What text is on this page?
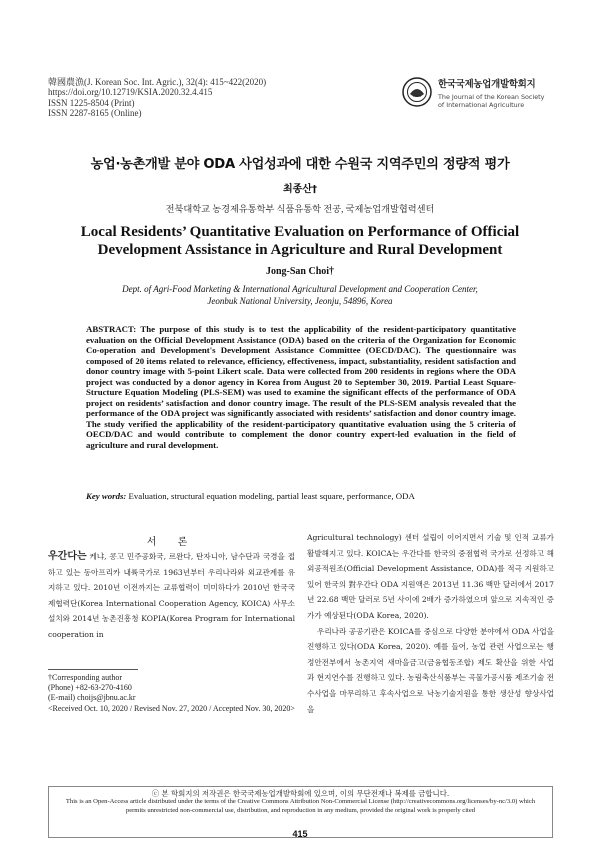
韓國農漁(J. Korean Soc. Int. Agric.), 32(4): 415~422(2020)
https://doi.org/10.12719/KSIA.2020.32.4.415
ISSN 1225-8504 (Print)
ISSN 2287-8165 (Online)
한국국제농업개발학회지
The Journal of the Korean Society
of International Agriculture
농업·농촌개발 분야 ODA 사업성과에 대한 수원국 지역주민의 정량적 평가
최종산†
전북대학교 농경제유통학부 식품유통학 전공, 국제농업개발협력센터
Local Residents’ Quantitative Evaluation on Performance of Official
Development Assistance in Agriculture and Rural Development
Jong-San Choi†
Dept. of Agri-Food Marketing & International Agricultural Development and Cooperation Center,
Jeonbuk National University, Jeonju, 54896, Korea
ABSTRACT: The purpose of this study is to test the applicability of the resident-participatory quantitative evaluation on the Official Development Assistance (ODA) based on the criteria of the Organization for Economic Co-operation and Development's Development Assistance Committee (OECD/DAC). The questionnaire was composed of 20 items related to relevance, efficiency, effectiveness, impact, substantiality, resident satisfaction and donor country image with 5-point Likert scale. Data were collected from 200 residents in regions where the ODA project was conducted by a donor agency in Korea from August 20 to September 30, 2019. Partial Least Square-Structure Equation Modeling (PLS-SEM) was used to examine the significant effects of the performance of ODA project on residents’ satisfaction and donor country image. The result of the PLS-SEM analysis revealed that the performance of the ODA project was significantly associated with residents’ satisfaction and donor country image. The study verified the applicability of the resident-participatory quantitative evaluation using the 5 criteria of OECD/DAC and would contribute to complement the donor country expert-led evaluation in the field of agriculture and rural development.
Key words: Evaluation, structural equation modeling, partial least square, performance, ODA
서 론

우간다는 케냐, 콩고 민주공화국, 르완다, 탄자니아, 남수단과 국경을 접하고 있는 동아프리카 내륙국가로 1963년부터 우리나라와 외교관계를 유지하고 있다. 2010년 이전까지는 교류협력이 미미하다가 2010년 한국국제협력단(Korea International Cooperation Agency, KOICA) 사무소 설치와 2014년 농촌진흥청 KOPIA(Korea Program for International cooperation in

†Corresponding author
(Phone) +82-63-270-4160
(E-mail) choijs@jbnu.ac.kr
<Received Oct. 10, 2020 / Revised Nov. 27, 2020 / Accepted Nov. 30, 2020>

Agricultural technology) 센터 설립이 이어지면서 기술 및 인적 교류가 활발해지고 있다. KOICA는 우간다를 한국의 중점협력 국가로 선정하고 해외공적원조(Official Development Assistance, ODA)를 적극 지원하고 있어 한국의 對우간다 ODA 지원액은 2013년 11.36 백만 달러에서 2017년 22.68 백만 달러로 5년 사이에 2배가 증가하였으며 앞으로 지속적인 증가가 예상된다(ODA Korea, 2020).

우리나라 공공기관은 KOICA를 중심으로 다양한 분야에서 ODA 사업을 진행하고 있다(ODA Korea, 2020). 예를 들어, 농업 관련 사업으로는 행정안전부에서 농촌지역 새마을금고(금융협동조합) 제도 확산을 위한 사업과 현지연수를 진행하고 있다. 농림축산식품부는 곡물가공시품 제조기술 전수사업을 마무리하고 후속사업으로 낙농기술지원을 통한 생산성 향상사업을

ⓒ 본 학회지의 저작권은 한국국제농업개발학회에 있으며, 이의 무단전재나 복제를 금합니다.
This is an Open-Access article distributed under the terms of the Creative Commons Attribution Non-Commercial License (http://creativecommons.org/licenses/by-nc/3.0) which
permits unrestricted non-commercial use, distribution, and reproduction in any medium, provided the original work is properly cited
415
